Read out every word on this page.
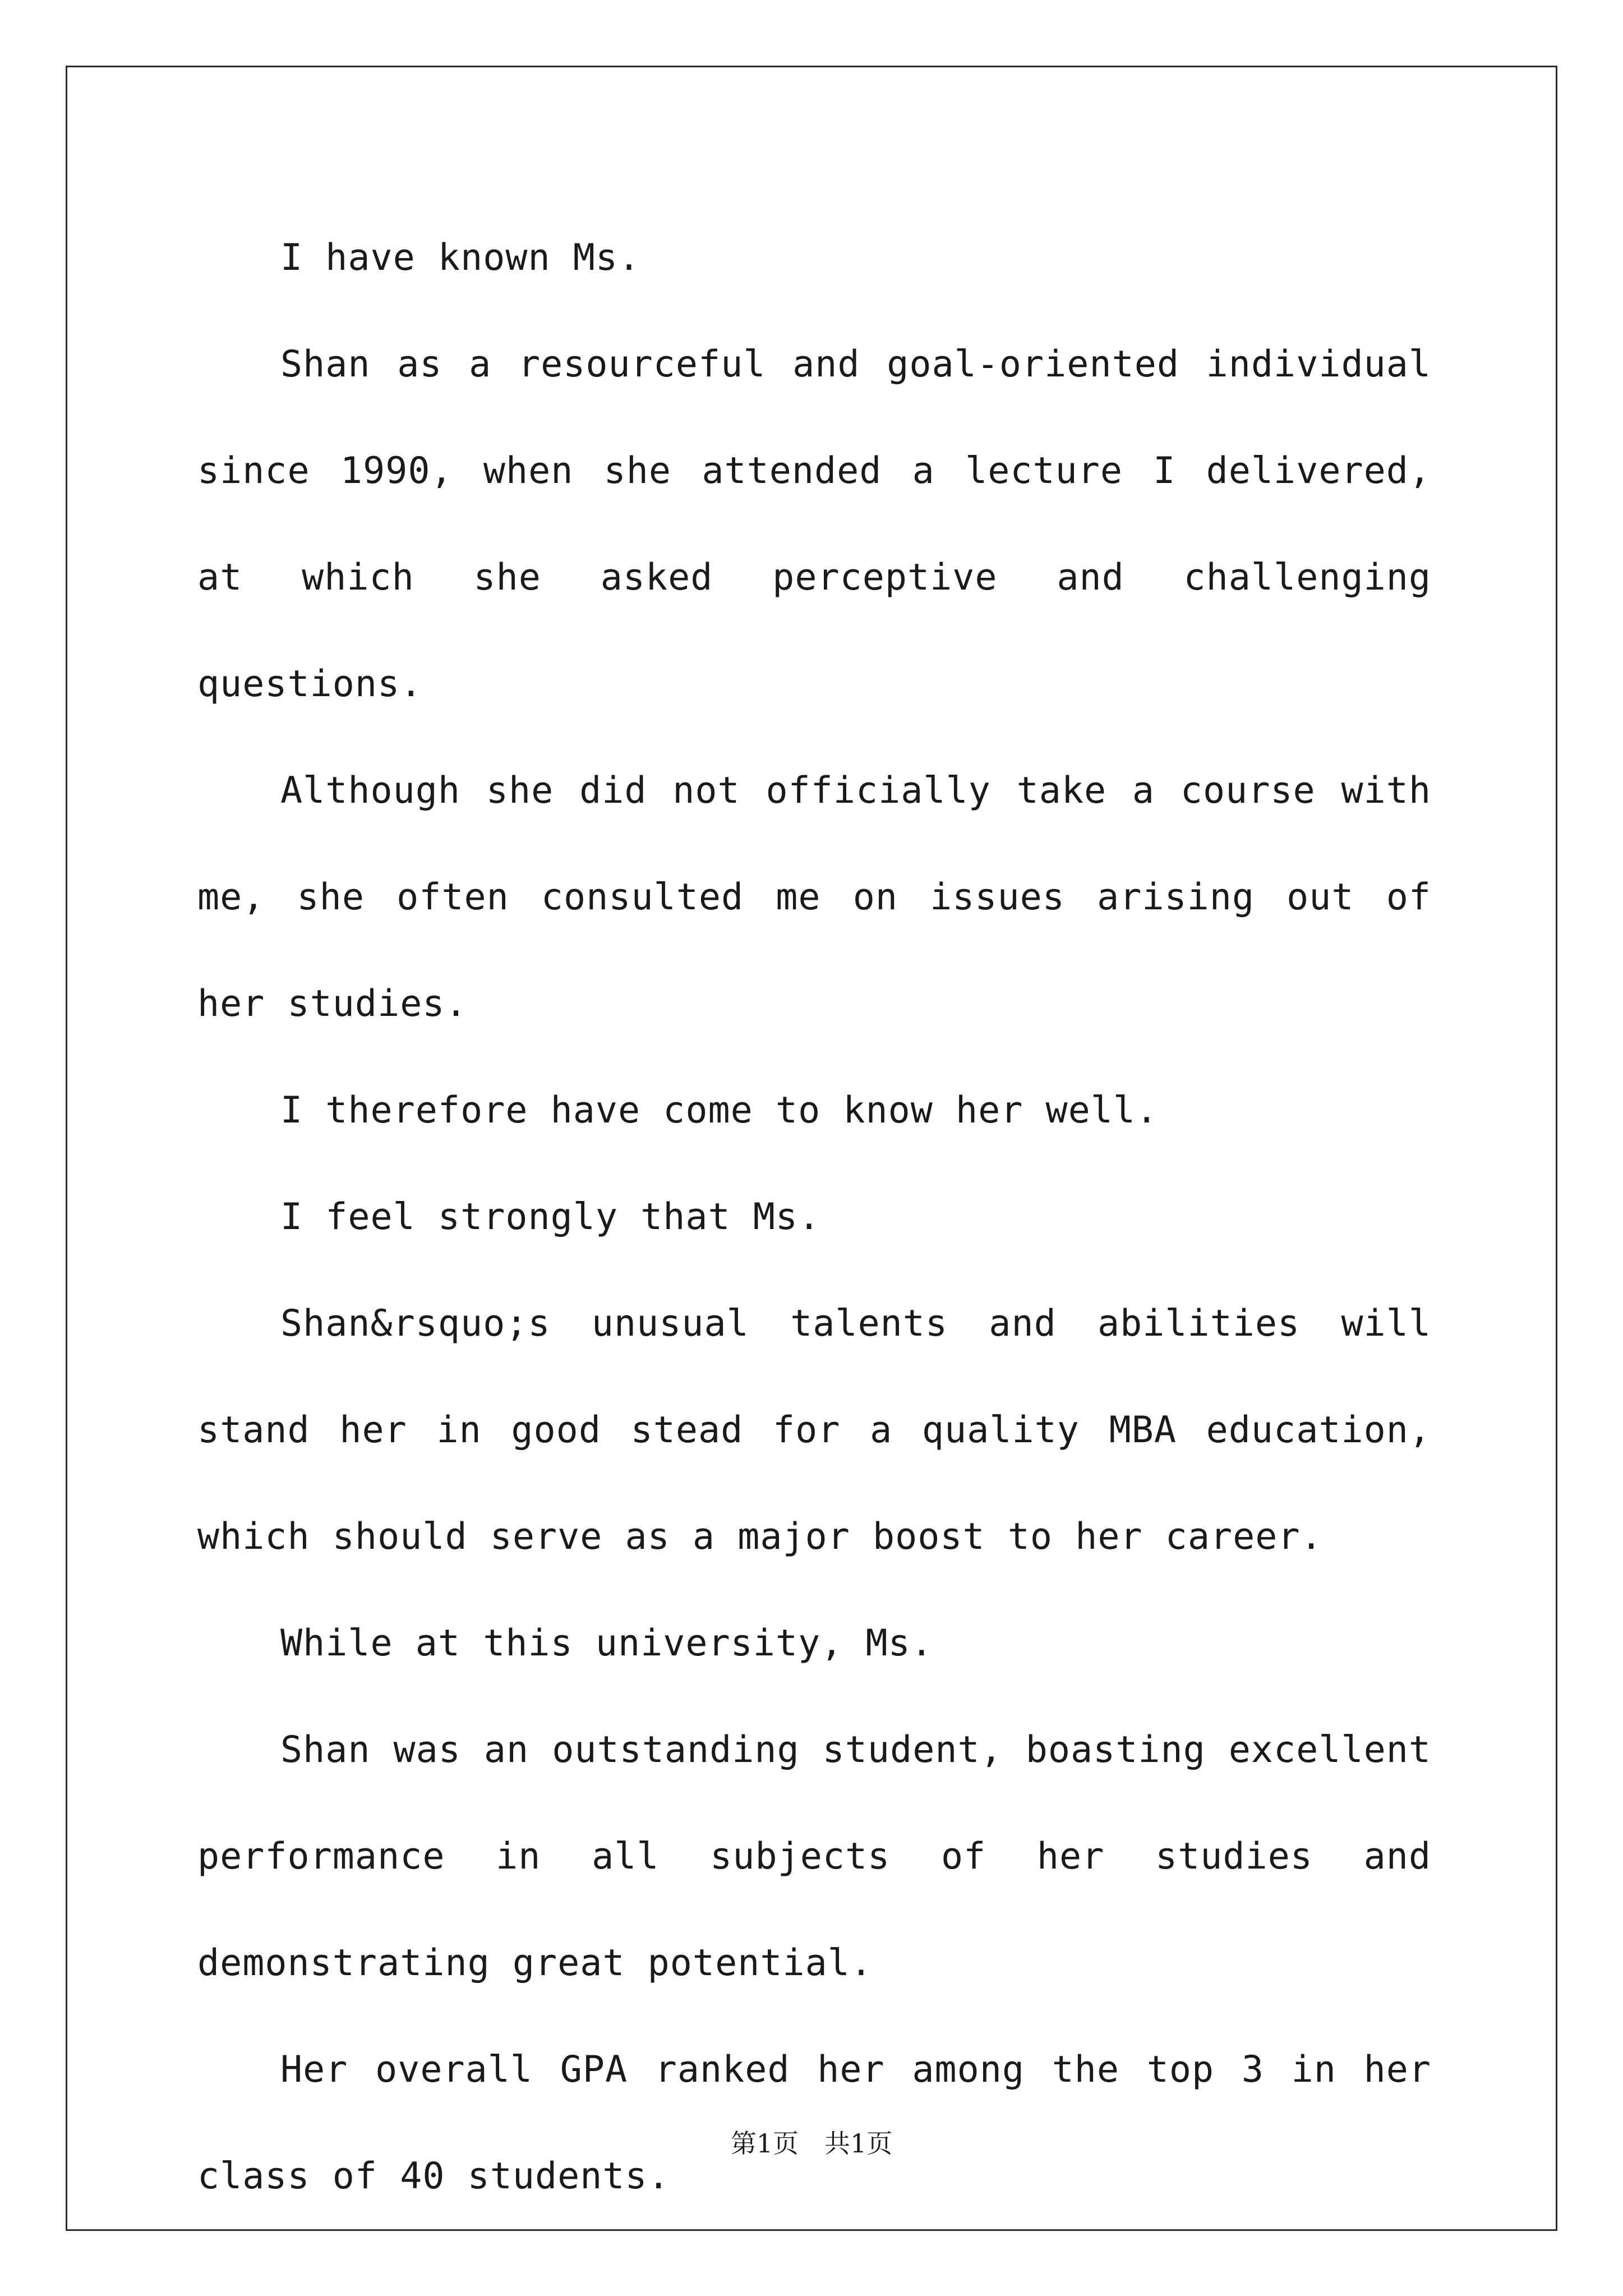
I have known Ms.

Shan as a resourceful and goal-oriented individual since 1990, when she attended a lecture I delivered, at which she asked perceptive and challenging questions.

Although she did not officially take a course with me, she often consulted me on issues arising out of her studies.

I therefore have come to know her well.

I feel strongly that Ms.

Shan&rsquo;s unusual talents and abilities will stand her in good stead for a quality MBA education, which should serve as a major boost to her career.

While at this university, Ms.

Shan was an outstanding student, boasting excellent performance in all subjects of her studies and demonstrating great potential.

Her overall GPA ranked her among the top 3 in her class of 40 students.

第1页　共1页
